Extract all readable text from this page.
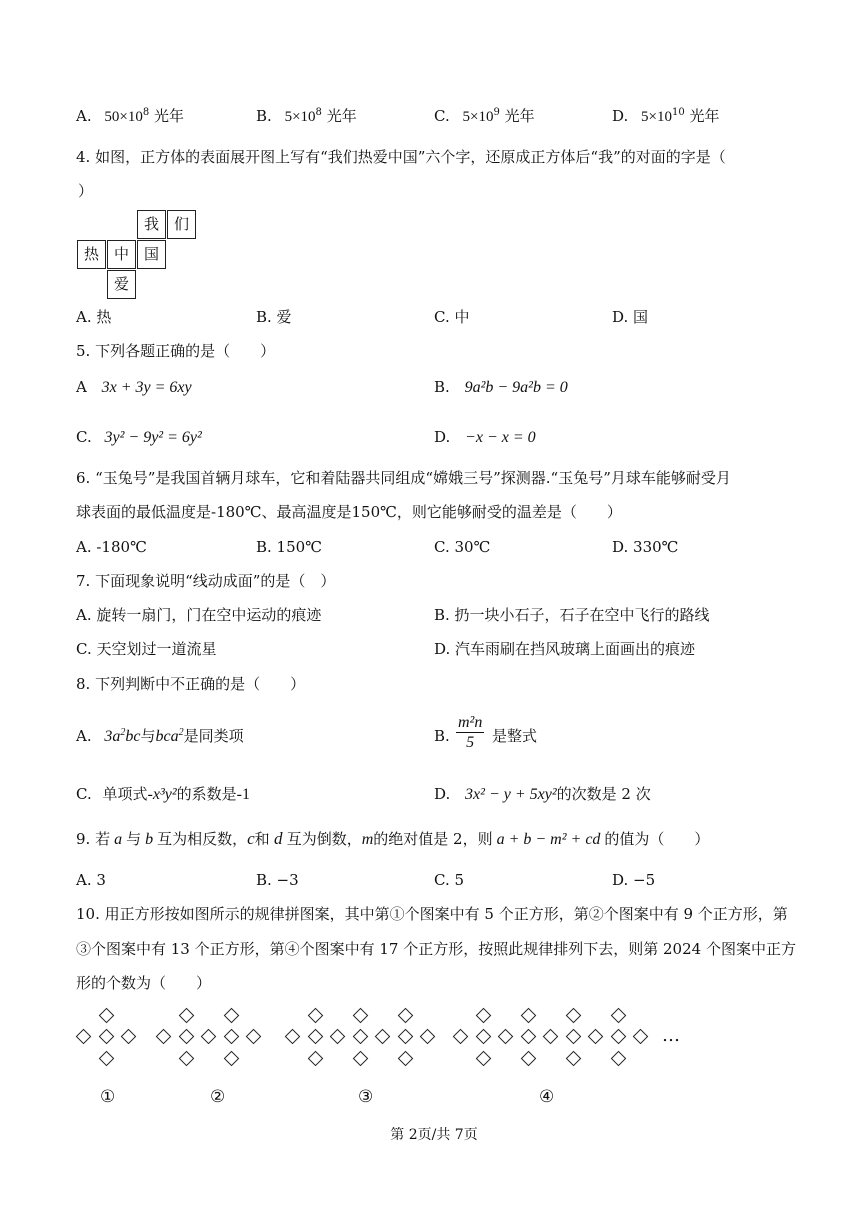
A. $50\times 10^8$ 光年	B. $5\times 10^8$ 光年	C. $5\times 10^9$ 光年	D. $5\times 10^{10}$ 光年
4. 如图，正方体的表面展开图上写有“我们热爱中国”六个字，还原成正方体后“我”的对面的字是（
）
我 们
热 中 国
爱
A. 热	B. 爱	C. 中	D. 国
5. 下列各题正确的是（　　）
A 3x + 3y = 6xy	B. 9a²b − 9a²b = 0
C. 3y² − 9y² = 6y²	D. −x − x = 0
6. “玉兔号”是我国首辆月球车，它和着陆器共同组成“嫦娥三号”探测器.“玉兔号”月球车能够耐受月
球表面的最低温度是-180℃、最高温度是150℃，则它能够耐受的温差是（　　）
A. -180℃	B. 150℃	C. 30℃	D. 330℃
7. 下面现象说明“线动成面”的是（　）
A. 旋转一扇门，门在空中运动的痕迹	B. 扔一块小石子，石子在空中飞行的路线
C. 天空划过一道流星	D. 汽车雨刷在挡风玻璃上面画出的痕迹
8. 下列判断中不正确的是（　　）
A. $3a^2bc$与bca$^2$是同类项	B. $\frac{\text{m²n}}{5}$ 是整式
C. 单项式-x³y²的系数是-1	D. 3x² − y + 5xy²的次数是 2 次
9. 若 a 与 b 互为相反数，c和 d 互为倒数，m的绝对值是 2，则 a + b − m² + cd 的值为（　　）
A. 3	B. −3	C. 5	D. −5
10. 用正方形按如图所示的规律拼图案，其中第①个图案中有 5 个正方形，第②个图案中有 9 个正方形，第
③个图案中有 13 个正方形，第④个图案中有 17 个正方形，按照此规律排列下去，则第 2024 个图案中正方
形的个数为（　　）
①	②	③	④
…
第 2页/共 7页
